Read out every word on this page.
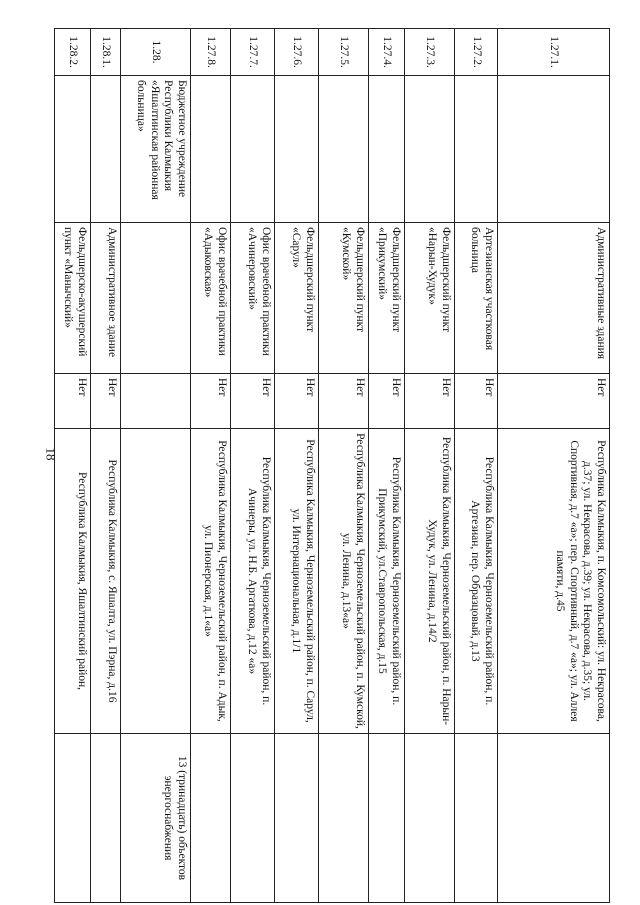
18
1.27.1.		Административные здания	Нет	Республика Калмыкия, п. Комсомольский: ул. Некрасова, д.37; ул. Некрасова, д.39; ул. Некрасова, д.35; ул. Спортивная, д.7 «а»; пер. Спортивный, д.7 «а»; ул. Аллея памяти, д.45	
1.27.2.		Артезианская участковая больница	Нет	Республика Калмыкия, Черноземельский район, п. Артезиан, пер. Образцовый, д.13	
1.27.3.		Фельдшерский пункт «Нарын-Худук»	Нет	Республика Калмыкия, Черноземельский район, п. Нарын-Худук, ул. Ленина, д.14/2	
1.27.4.		Фельдшерский пункт «Прикумский»	Нет	Республика Калмыкия, Черноземельский район, п. Прикумский, ул.Ставропольская, д.15	
1.27.5.		Фельдшерский пункт «Кумской»	Нет	Республика Калмыкия, Черноземельский район, п. Кумской, ул. Ленина, д.13«а»	
1.27.6.		Фельдшерский пункт «Сарул»	Нет	Республика Калмыкия, Черноземельский район, п. Сарул, ул. Интернациональная, д.1/1	
1.27.7.		Офис врачебной практики «Ачинеровский»	Нет	Республика Калмыкия, Черноземельский район, п. Ачинеры, ул. Н.Б. Аргаткова, д.12 «а»	
1.27.8.		Офис врачебной практики «Адыковская»	Нет	Республика Калмыкия, Черноземельский район, п. Адык, ул. Пионерская, д.1«а»	
1.28.	Бюджетное учреждение Республики Калмыкия «Яшалтинская районная больница»				13 (тринадцать) объектов энергоснабжения
1.28.1.		Административное здание	Нет	Республика Калмыкия, с. Яшалта, ул. Пэрна, д.16	
1.28.2.		Фельдшерско-акушерский пункт «Манычский»	Нет	Республика Калмыкия, Яшалтинский район,	
